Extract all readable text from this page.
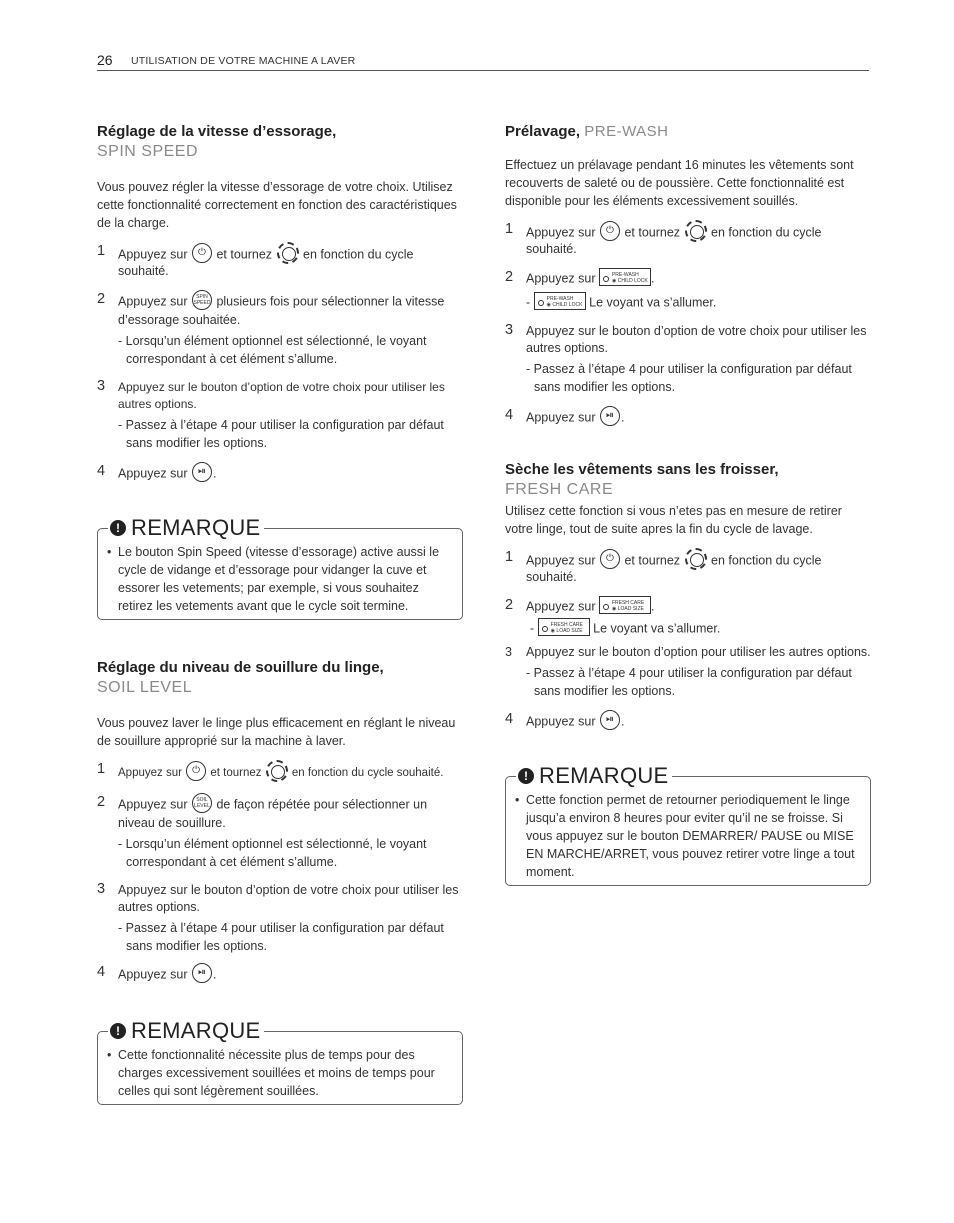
26 UTILISATION DE VOTRE MACHINE A LAVER
Réglage de la vitesse d’essorage,
SPIN SPEED
Vous pouvez régler la vitesse d’essorage de votre choix. Utilisez cette fonctionnalité correctement en fonction des caractéristiques de la charge.
1 Appuyez sur ⏻ et tournez en fonction du cycle
souhaité.
2 Appuyez sur SPIN SPEED plusieurs fois pour sélectionner la vitesse d’essorage souhaitée.
- Lorsqu’un élément optionnel est sélectionné, le voyant correspondant à cet élément s’allume.
3 Appuyez sur le bouton d’option de votre choix pour utiliser les autres options.
- Passez à l’étape 4 pour utiliser la configuration par défaut sans modifier les options.
4 Appuyez sur ⏯ .
! REMARQUE
• Le bouton Spin Speed (vitesse d’essorage) active aussi le cycle de vidange et d’essorage pour vidanger la cuve et essorer les vetements; par exemple, si vous souhaitez retirez les vetements avant que le cycle soit termine.
Réglage du niveau de souillure du linge,
SOIL LEVEL
Vous pouvez laver le linge plus efficacement en réglant le niveau de souillure approprié sur la machine à laver.
1 Appuyez sur ⏻ et tournez	en fonction du cycle souhaité.
2 Appuyez sur SOIL LEVEL de façon répétée pour sélectionner un niveau de souillure.
- Lorsqu’un élément optionnel est sélectionné, le voyant correspondant à cet élément s’allume.
3 Appuyez sur le bouton d’option de votre choix pour utiliser les autres options.
- Passez à l’étape 4 pour utiliser la configuration par défaut sans modifier les options.
4 Appuyez sur ⏯ .
! REMARQUE
• Cette fonctionnalité nécessite plus de temps pour des charges excessivement souillées et moins de temps pour celles qui sont légèrement souillées.
Prélavage, PRE-WASH
Effectuez un prélavage pendant 16 minutes les vêtements sont recouverts de saleté ou de poussière. Cette fonctionnalité est disponible pour les éléments excessivement souillés.
1 Appuyez sur ⏻ et tournez en fonction du cycle
souhaité.
2 Appuyez sur	PRE-WASH
◉ CHILD LOCK .
-	PRE-WASH
◉ CHILD LOCK Le voyant va s’allumer.
3 Appuyez sur le bouton d’option de votre choix pour utiliser les autres options.
- Passez à l’étape 4 pour utiliser la configuration par défaut sans modifier les options.
4 Appuyez sur ⏯ .
Sèche les vêtements sans les froisser,
FRESH CARE
Utilisez cette fonction si vous n’etes pas en mesure de retirer votre linge, tout de suite apres la fin du cycle de lavage.
1 Appuyez sur ⏻ et tournez en fonction du cycle
souhaité.
2 Appuyez sur	FRESH CARE
◉ LOAD SIZE .
-	FRESH CARE
◉ LOAD SIZE Le voyant va s’allumer.
3 Appuyez sur le bouton d’option pour utiliser les autres options.
- Passez à l’étape 4 pour utiliser la configuration par défaut sans modifier les options.
4 Appuyez sur ⏯ .
! REMARQUE
• Cette fonction permet de retourner periodiquement le linge jusqu’a environ 8 heures pour eviter qu’il ne se froisse. Si vous appuyez sur le bouton DEMARRER/ PAUSE ou MISE EN MARCHE/ARRET, vous pouvez retirer votre linge a tout moment.
